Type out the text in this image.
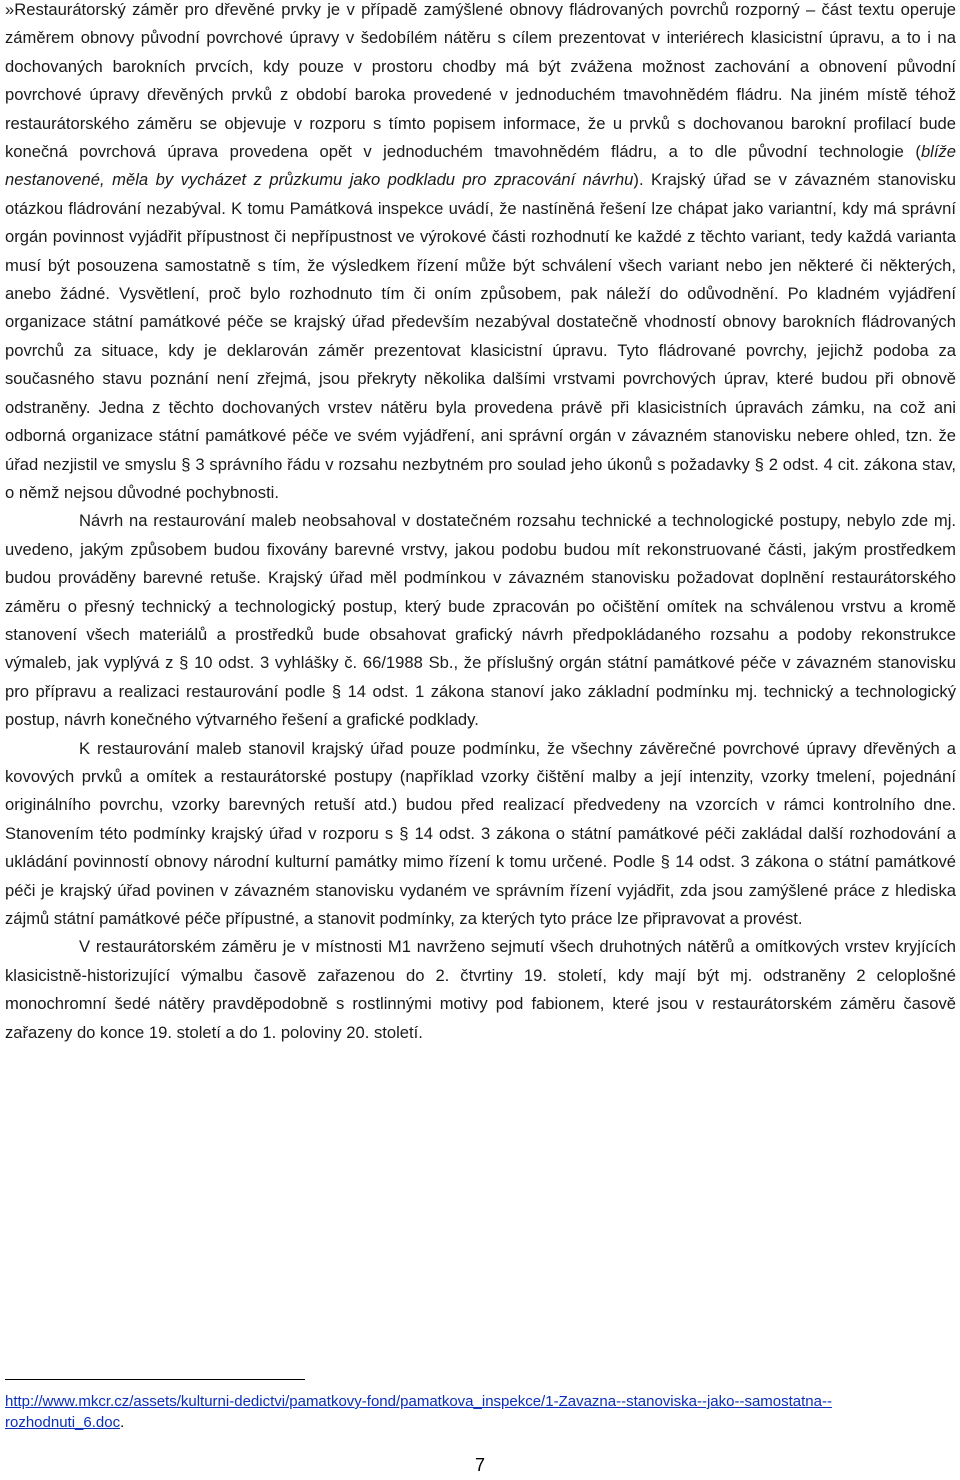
»Restaurátorský záměr pro dřevěné prvky je v případě zamýšlené obnovy fládrovaných povrchů rozporný – část textu operuje záměrem obnovy původní povrchové úpravy v šedobílém nátěru s cílem prezentovat v interiérech klasicistní úpravu, a to i na dochovaných barokních prvcích, kdy pouze v prostoru chodby má být zvážena možnost zachování a obnovení původní povrchové úpravy dřevěných prvků z období baroka provedené v jednoduchém tmavohnědém fládru. Na jiném místě téhož restaurátorského záměru se objevuje v rozporu s tímto popisem informace, že u prvků s dochovanou barokní profilací bude konečná povrchová úprava provedena opět v jednoduchém tmavohnědém fládru, a to dle původní technologie (blíže nestanovené, měla by vycházet z průzkumu jako podkladu pro zpracování návrhu). Krajský úřad se v závazném stanovisku otázkou fládrování nezabýval. K tomu Památková inspekce uvádí, že nastíněná řešení lze chápat jako variantní, kdy má správní orgán povinnost vyjádřit přípustnost či nepřípustnost ve výrokové části rozhodnutí ke každé z těchto variant, tedy každá varianta musí být posouzena samostatně s tím, že výsledkem řízení může být schválení všech variant nebo jen některé či některých, anebo žádné. Vysvětlení, proč bylo rozhodnuto tím či oním způsobem, pak náleží do odůvodnění. Po kladném vyjádření organizace státní památkové péče se krajský úřad především nezabýval dostatečně vhodností obnovy barokních fládrovaných povrchů za situace, kdy je deklarován záměr prezentovat klasicistní úpravu. Tyto fládrované povrchy, jejichž podoba za současného stavu poznání není zřejmá, jsou překryty několika dalšími vrstvami povrchových úprav, které budou při obnově odstraněny. Jedna z těchto dochovaných vrstev nátěru byla provedena právě při klasicistních úpravách zámku, na což ani odborná organizace státní památkové péče ve svém vyjádření, ani správní orgán v závazném stanovisku nebere ohled, tzn. že úřad nezjistil ve smyslu § 3 správního řádu v rozsahu nezbytném pro soulad jeho úkonů s požadavky § 2 odst. 4 cit. zákona stav, o němž nejsou důvodné pochybnosti.

Návrh na restaurování maleb neobsahoval v dostatečném rozsahu technické a technologické postupy, nebylo zde mj. uvedeno, jakým způsobem budou fixovány barevné vrstvy, jakou podobu budou mít rekonstruované části, jakým prostředkem budou prováděny barevné retuše. Krajský úřad měl podmínkou v závazném stanovisku požadovat doplnění restaurátorského záměru o přesný technický a technologický postup, který bude zpracován po očištění omítek na schválenou vrstvu a kromě stanovení všech materiálů a prostředků bude obsahovat grafický návrh předpokládaného rozsahu a podoby rekonstrukce výmaleb, jak vyplývá z § 10 odst. 3 vyhlášky č. 66/1988 Sb., že příslušný orgán státní památkové péče v závazném stanovisku pro přípravu a realizaci restaurování podle § 14 odst. 1 zákona stanoví jako základní podmínku mj. technický a technologický postup, návrh konečného výtvarného řešení a grafické podklady.

K restaurování maleb stanovil krajský úřad pouze podmínku, že všechny závěrečné povrchové úpravy dřevěných a kovových prvků a omítek a restaurátorské postupy (například vzorky čištění malby a její intenzity, vzorky tmelení, pojednání originálního povrchu, vzorky barevných retuší atd.) budou před realizací předvedeny na vzorcích v rámci kontrolního dne. Stanovením této podmínky krajský úřad v rozporu s § 14 odst. 3 zákona o státní památkové péči zakládal další rozhodování a ukládání povinností obnovy národní kulturní památky mimo řízení k tomu určené. Podle § 14 odst. 3 zákona o státní památkové péči je krajský úřad povinen v závazném stanovisku vydaném ve správním řízení vyjádřit, zda jsou zamýšlené práce z hlediska zájmů státní památkové péče přípustné, a stanovit podmínky, za kterých tyto práce lze připravovat a provést.

V restaurátorském záměru je v místnosti M1 navrženo sejmutí všech druhotných nátěrů a omítkových vrstev kryjících klasicistně-historizující výmalbu časově zařazenou do 2. čtvrtiny 19. století, kdy mají být mj. odstraněny 2 celoplošné monochromní šedé nátěry pravděpodobně s rostlinnými motivy pod fabionem, které jsou v restaurátorském záměru časově zařazeny do konce 19. století a do 1. poloviny 20. století.

http://www.mkcr.cz/assets/kulturni-dedictvi/pamatkovy-fond/pamatkova_inspekce/1-Zavazna--stanoviska--jako--samostatna--rozhodnuti_6.doc.
7
